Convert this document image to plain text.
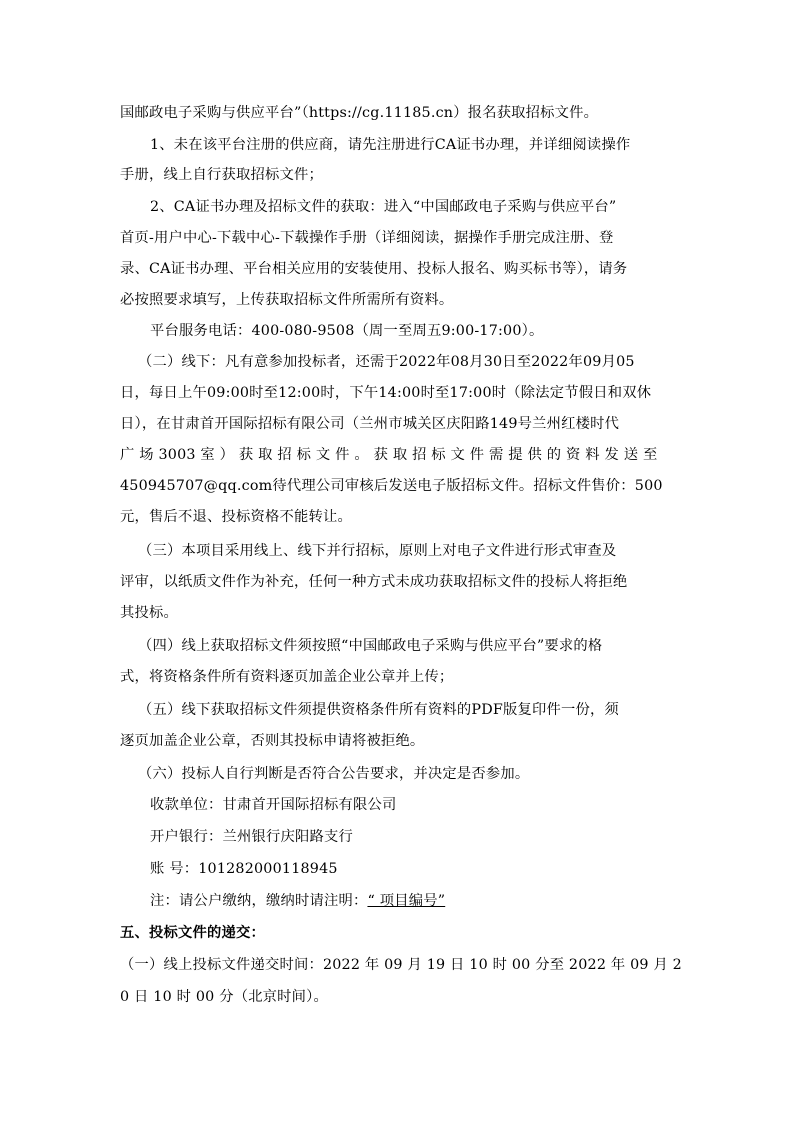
国邮政电子采购与供应平台”（https://cg.11185.cn）报名获取招标文件。
1、未在该平台注册的供应商，请先注册进行CA证书办理，并详细阅读操作
手册，线上自行获取招标文件；
2、CA证书办理及招标文件的获取：进入“中国邮政电子采购与供应平台”
首页-用户中心-下载中心-下载操作手册（详细阅读，据操作手册完成注册、登
录、CA证书办理、平台相关应用的安装使用、投标人报名、购买标书等），请务
必按照要求填写，上传获取招标文件所需所有资料。
平台服务电话：400-080-9508（周一至周五9:00-17:00）。
（二）线下：凡有意参加投标者，还需于2022年08月30日至2022年09月05
日，每日上午09:00时至12:00时，下午14:00时至17:00时（除法定节假日和双休
日），在甘肃首开国际招标有限公司（兰州市城关区庆阳路149号兰州红楼时代
广 场 3003 室 ） 获 取 招 标 文 件 。 获 取 招 标 文 件 需 提 供 的 资 料 发 送 至
450945707@qq.com待代理公司审核后发送电子版招标文件。招标文件售价：500
元，售后不退、投标资格不能转让。
（三）本项目采用线上、线下并行招标，原则上对电子文件进行形式审查及
评审，以纸质文件作为补充，任何一种方式未成功获取招标文件的投标人将拒绝
其投标。
（四）线上获取招标文件须按照“中国邮政电子采购与供应平台”要求的格
式，将资格条件所有资料逐页加盖企业公章并上传；
（五）线下获取招标文件须提供资格条件所有资料的PDF版复印件一份，须
逐页加盖企业公章，否则其投标申请将被拒绝。
（六）投标人自行判断是否符合公告要求，并决定是否参加。
收款单位：甘肃首开国际招标有限公司
开户银行：兰州银行庆阳路支行
账 号：101282000118945
注：请公户缴纳，缴纳时请注明：“ 项目编号”
五、投标文件的递交：
（一）线上投标文件递交时间：2022 年 09 月 19 日 10 时 00 分至 2022 年 09 月 2
0 日 10 时 00 分（北京时间）。
